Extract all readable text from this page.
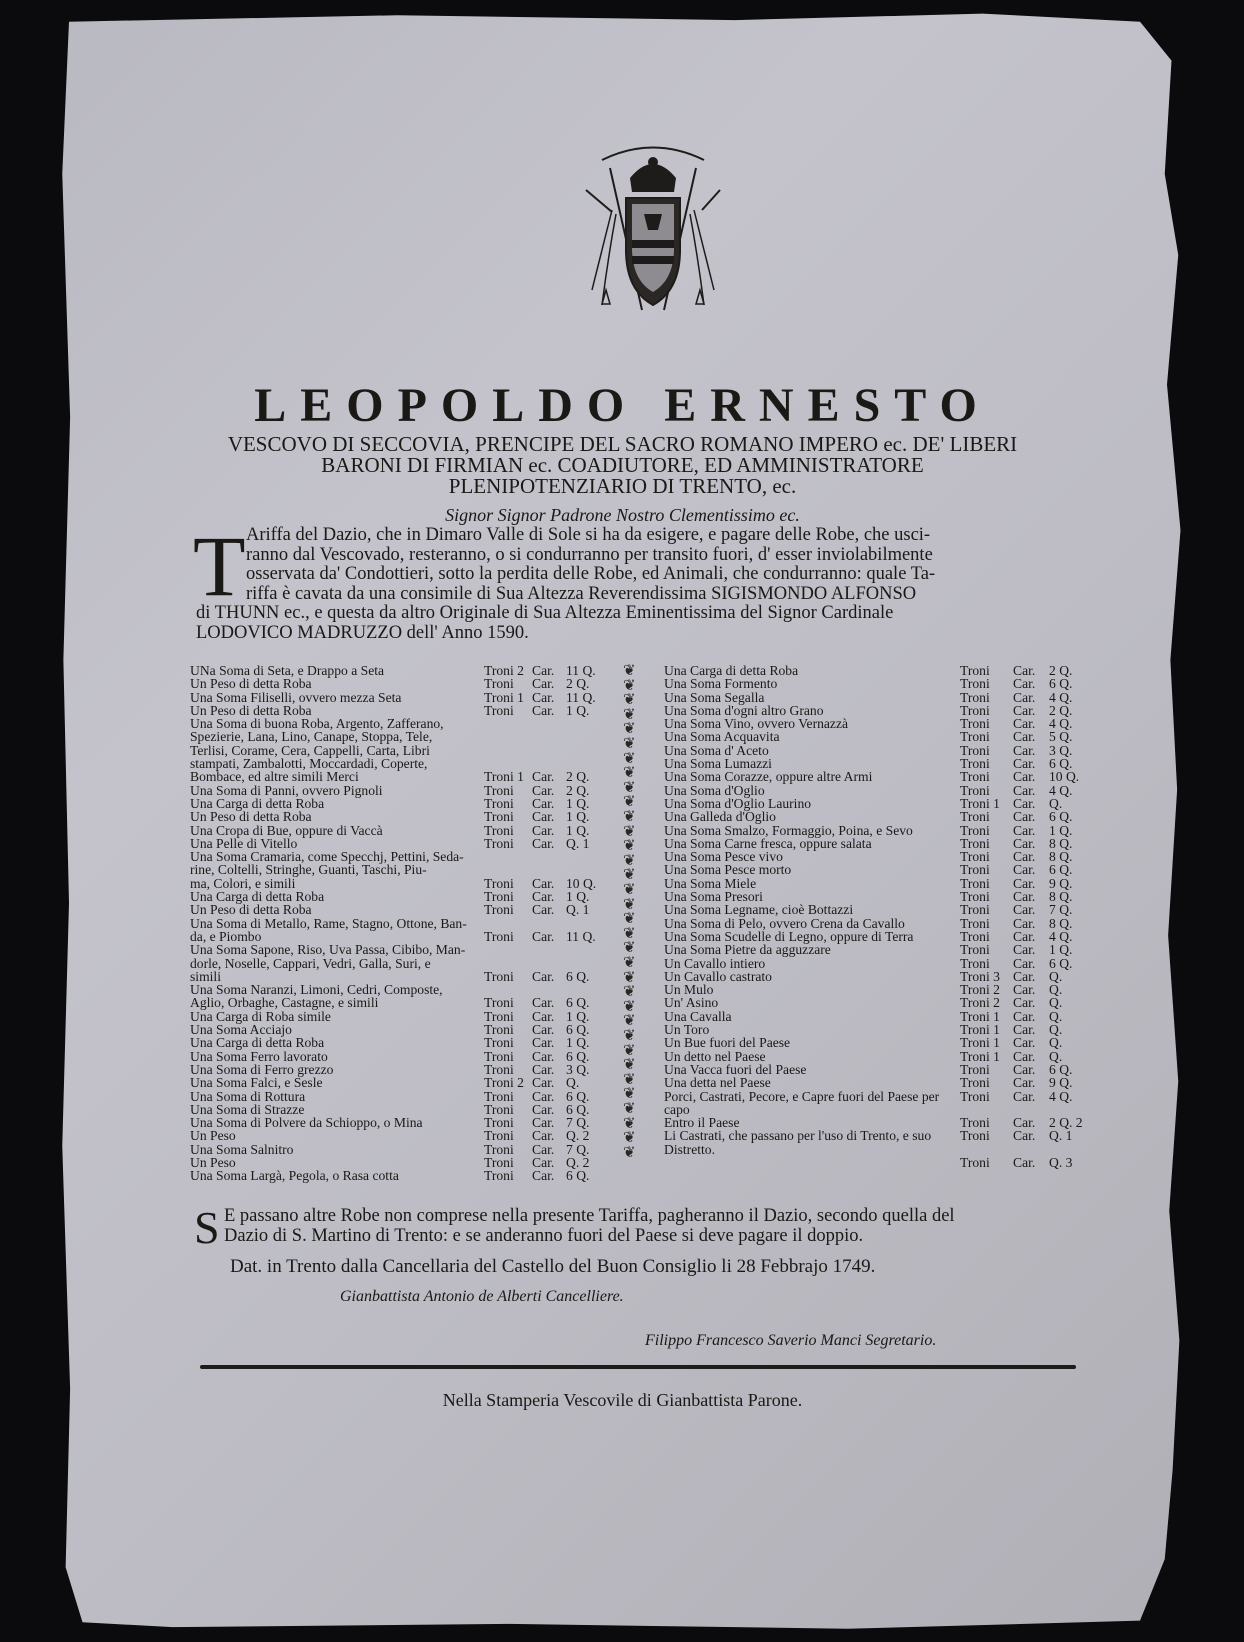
LEOPOLDO ERNESTO
VESCOVO DI SECCOVIA, PRENCIPE DEL SACRO ROMANO IMPERO ec. DE' LIBERI
BARONI DI FIRMIAN ec. COADIUTORE, ED AMMINISTRATORE
PLENIPOTENZIARIO DI TRENTO, ec.
Signor Signor Padrone Nostro Clementissimo ec.
T Ariffa del Dazio, che in Dimaro Valle di Sole si ha da esigere, e pagare delle Robe, che usci-
ranno dal Vescovado, resteranno, o si condurranno per transito fuori, d' esser inviolabilmente
osservata da' Condottieri, sotto la perdita delle Robe, ed Animali, che condurranno: quale Ta-
riffa è cavata da una consimile di Sua Altezza Reverendissima SIGISMONDO ALFONSO
di THUNN ec., e questa da altro Originale di Sua Altezza Eminentissima del Signor Cardinale
LODOVICO MADRUZZO dell' Anno 1590.
UNa Soma di Seta, e Drappo a Seta	Troni 2 Car. 11 Q.
Un Peso di detta Roba	Troni Car. 2 Q.
Una Soma Filiselli, ovvero mezza Seta	Troni 1 Car. 11 Q.
Un Peso di detta Roba	Troni Car. 1 Q.
Una Soma di buona Roba, Argento, Zafferano,
Spezierie, Lana, Lino, Canape, Stoppa, Tele,
Terlisi, Corame, Cera, Cappelli, Carta, Libri
stampati, Zambalotti, Moccardadi, Coperte,
Bombace, ed altre simili Merci	Troni 1 Car. 2 Q.
Una Soma di Panni, ovvero Pignoli	Troni Car. 2 Q.
Una Carga di detta Roba	Troni Car. 1 Q.
Un Peso di detta Roba	Troni Car. 1 Q.
Una Cropa di Bue, oppure di Vaccà	Troni Car. 1 Q.
Una Pelle di Vitello	Troni Car. Q. 1
Una Soma Cramaria, come Specchj, Pettini, Seda-
rine, Coltelli, Stringhe, Guanti, Taschi, Piu-
ma, Colori, e simili	Troni Car. 10 Q.
Una Carga di detta Roba	Troni Car. 1 Q.
Un Peso di detta Roba	Troni Car. Q. 1
Una Soma di Metallo, Rame, Stagno, Ottone, Ban-
da, e Piombo	Troni Car. 11 Q.
Una Soma Sapone, Riso, Uva Passa, Cibibo, Man-
dorle, Noselle, Cappari, Vedri, Galla, Suri, e
simili	Troni Car. 6 Q.
Una Soma Naranzi, Limoni, Cedri, Composte,
Aglio, Orbaghe, Castagne, e simili	Troni Car. 6 Q.
Una Carga di Roba simile	Troni Car. 1 Q.
Una Soma Acciajo	Troni Car. 6 Q.
Una Carga di detta Roba	Troni Car. 1 Q.
Una Soma Ferro lavorato	Troni Car. 6 Q.
Una Soma di Ferro grezzo	Troni Car. 3 Q.
Una Soma Falci, e Sesle	Troni 2 Car. Q.
Una Soma di Rottura	Troni Car. 6 Q.
Una Soma di Strazze	Troni Car. 6 Q.
Una Soma di Polvere da Schioppo, o Mina	Troni Car. 7 Q.
Un Peso	Troni Car. Q. 2
Una Soma Salnitro	Troni Car. 7 Q.
Un Peso	Troni Car. Q. 2
Una Soma Largà, Pegola, o Rasa cotta	Troni Car. 6 Q.
❦
❦
❦
❦
❦
❦
❦
❦
❦
❦
❦
❦
❦
❦
❦
❦
❦
❦
❦
❦
❦
❦
❦
❦
❦
❦
❦
❦
❦
❦
❦
❦
❦
❦
Una Carga di detta Roba	Troni Car. 2 Q.
Una Soma Formento	Troni Car. 6 Q.
Una Soma Segalla	Troni Car. 4 Q.
Una Soma d'ogni altro Grano	Troni Car. 2 Q.
Una Soma Vino, ovvero Vernazzà	Troni Car. 4 Q.
Una Soma Acquavita	Troni Car. 5 Q.
Una Soma d' Aceto	Troni Car. 3 Q.
Una Soma Lumazzi	Troni Car. 6 Q.
Una Soma Corazze, oppure altre Armi	Troni Car. 10 Q.
Una Soma d'Oglio	Troni Car. 4 Q.
Una Soma d'Oglio Laurino	Troni 1 Car. Q.
Una Galleda d'Oglio	Troni Car. 6 Q.
Una Soma Smalzo, Formaggio, Poina, e Sevo	Troni Car. 1 Q.
Una Soma Carne fresca, oppure salata	Troni Car. 8 Q.
Una Soma Pesce vivo	Troni Car. 8 Q.
Una Soma Pesce morto	Troni Car. 6 Q.
Una Soma Miele	Troni Car. 9 Q.
Una Soma Presori	Troni Car. 8 Q.
Una Soma Legname, cioè Bottazzi	Troni Car. 7 Q.
Una Soma di Pelo, ovvero Crena da Cavallo	Troni Car. 8 Q.
Una Soma Scudelle di Legno, oppure di Terra	Troni Car. 4 Q.
Una Soma Pietre da agguzzare	Troni Car. 1 Q.
Un Cavallo intiero	Troni Car. 6 Q.
Un Cavallo castrato	Troni 3 Car. Q.
Un Mulo	Troni 2 Car. Q.
Un' Asino	Troni 2 Car. Q.
Una Cavalla	Troni 1 Car. Q.
Un Toro	Troni 1 Car. Q.
Un Bue fuori del Paese	Troni 1 Car. Q.
Un detto nel Paese	Troni 1 Car. Q.
Una Vacca fuori del Paese	Troni Car. 6 Q.
Una detta nel Paese	Troni Car. 9 Q.
Porci, Castrati, Pecore, e Capre fuori del Paese per Troni Car. 4 Q.
capo
Entro il Paese	Troni Car. 2 Q. 2
Li Castrati, che passano per l'uso di Trento, e suo Troni Car. Q. 1
Distretto.
Troni Car. Q. 3
S E passano altre Robe non comprese nella presente Tariffa, pagheranno il Dazio, secondo quella del
Dazio di S. Martino di Trento: e se anderanno fuori del Paese si deve pagare il doppio.
Dat. in Trento dalla Cancellaria del Castello del Buon Consiglio li 28 Febbrajo 1749.
Gianbattista Antonio de Alberti Cancelliere.
Filippo Francesco Saverio Manci Segretario.
Nella Stamperia Vescovile di Gianbattista Parone.
